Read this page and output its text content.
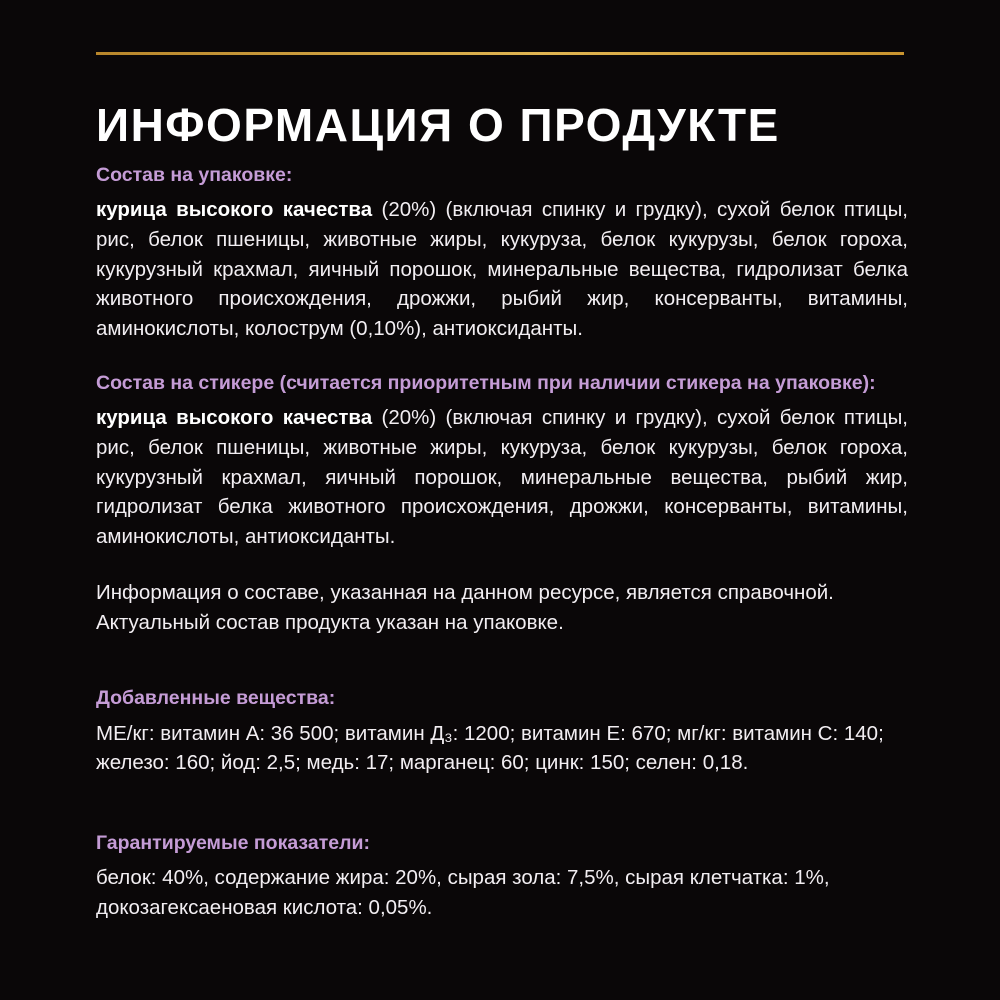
ИНФОРМАЦИЯ О ПРОДУКТЕ
Состав на упаковке:

курица высокого качества (20%) (включая спинку и грудку), сухой белок птицы, рис, белок пшеницы, животные жиры, кукуруза, белок кукурузы, белок гороха, кукурузный крахмал, яичный порошок, минеральные вещества, гидролизат белка животного происхождения, дрожжи, рыбий жир, консерванты, витамины, аминокислоты, колострум (0,10%), антиоксиданты.

Состав на стикере (считается приоритетным при наличии стикера на упаковке):

курица высокого качества (20%) (включая спинку и грудку), сухой белок птицы, рис, белок пшеницы, животные жиры, кукуруза, белок кукурузы, белок гороха, кукурузный крахмал, яичный порошок, минеральные вещества, рыбий жир, гидролизат белка животного происхождения, дрожжи, консерванты, витамины, аминокислоты, антиоксиданты.

Информация о составе, указанная на данном ресурсе, является справочной. Актуальный состав продукта указан на упаковке.

Добавленные вещества:

МЕ/кг: витамин А: 36 500; витамин Д₃: 1200; витамин Е: 670; мг/кг: витамин С: 140; железо: 160; йод: 2,5; медь: 17; марганец: 60; цинк: 150; селен: 0,18.

Гарантируемые показатели:

белок: 40%, содержание жира: 20%, сырая зола: 7,5%, сырая клетчатка: 1%, докозагексаеновая кислота: 0,05%.
